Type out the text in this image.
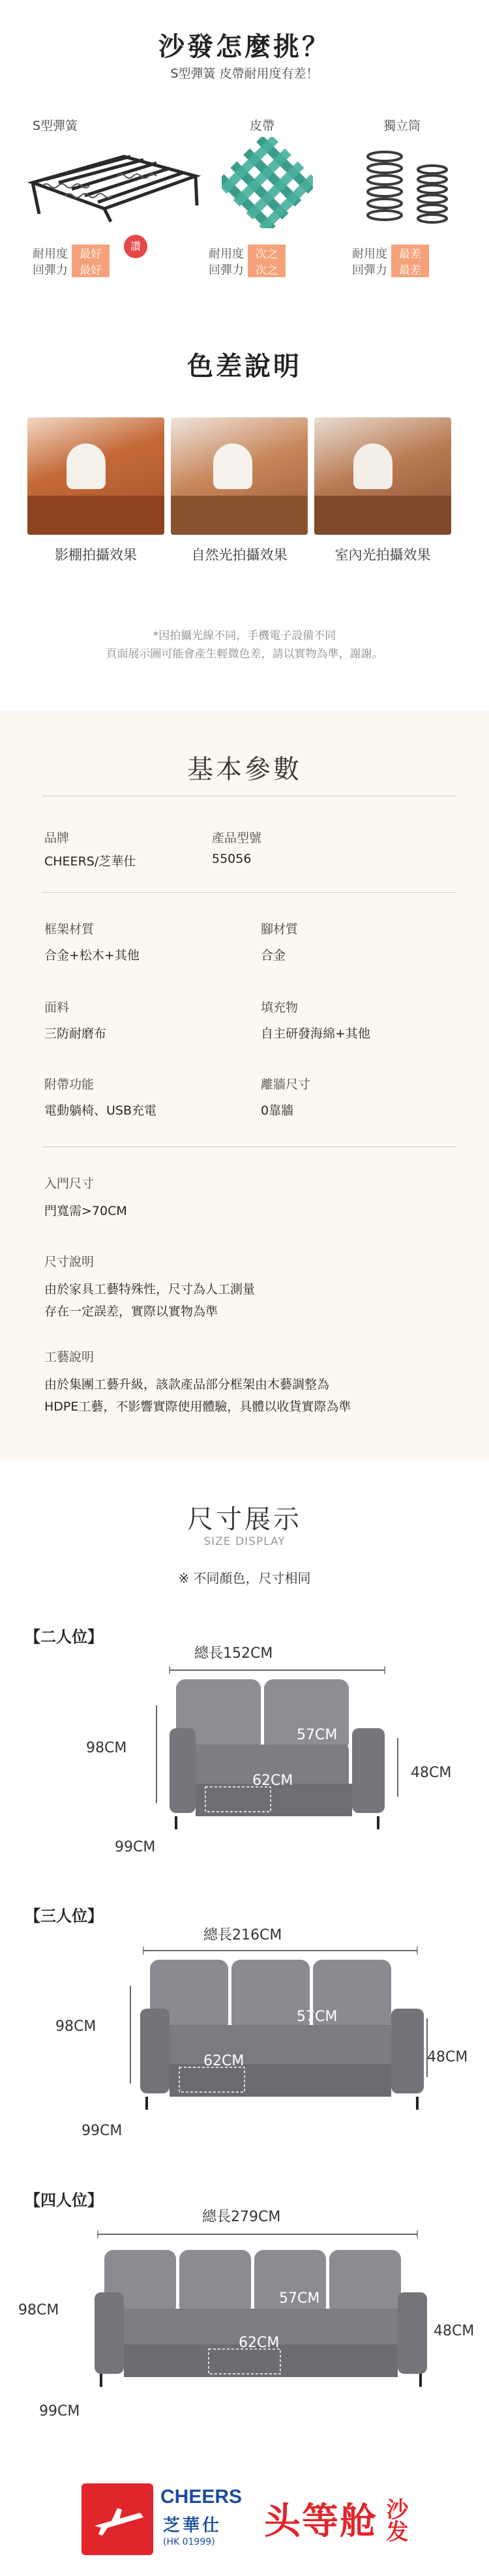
沙發怎麼挑？
S型彈簧 皮帶耐用度有差！
S型彈簧	皮帶	獨立筒
耐用度 最好
回彈力 最好
讚
耐用度 次之
回彈力 次之
耐用度 最差
回彈力 最差
色差說明
影棚拍攝效果	自然光拍攝效果	室內光拍攝效果
*因拍攝光線不同，手機電子設備不同
頁面展示圖可能會產生輕微色差，請以實物為準，謝謝。
基本參數
品牌
CHEERS/芝華仕
產品型號
55056
框架材質
合金+松木+其他
腳材質
合金
面料
三防耐磨布
填充物
自主研發海綿+其他
附帶功能
電動躺椅、USB充電
離牆尺寸
0靠牆
入門尺寸
門寬需>70CM
尺寸說明
由於家具工藝特殊性，尺寸為人工測量
存在一定誤差，實際以實物為準
工藝說明
由於集團工藝升級，該款產品部分框架由木藝調整為
HDPE工藝，不影響實際使用體驗，具體以收貨實際為準
尺寸展示
SIZE DISPLAY
※ 不同顏色，尺寸相同
【二人位】
總長152CM
57CM
62CM
98CM
48CM
99CM
【三人位】
總長216CM
57CM
62CM
98CM
48CM
99CM
【四人位】
總長279CM
57CM
62CM
98CM
48CM
99CM
CHEERS
芝華仕
(HK 01999) 头等舱 沙发
